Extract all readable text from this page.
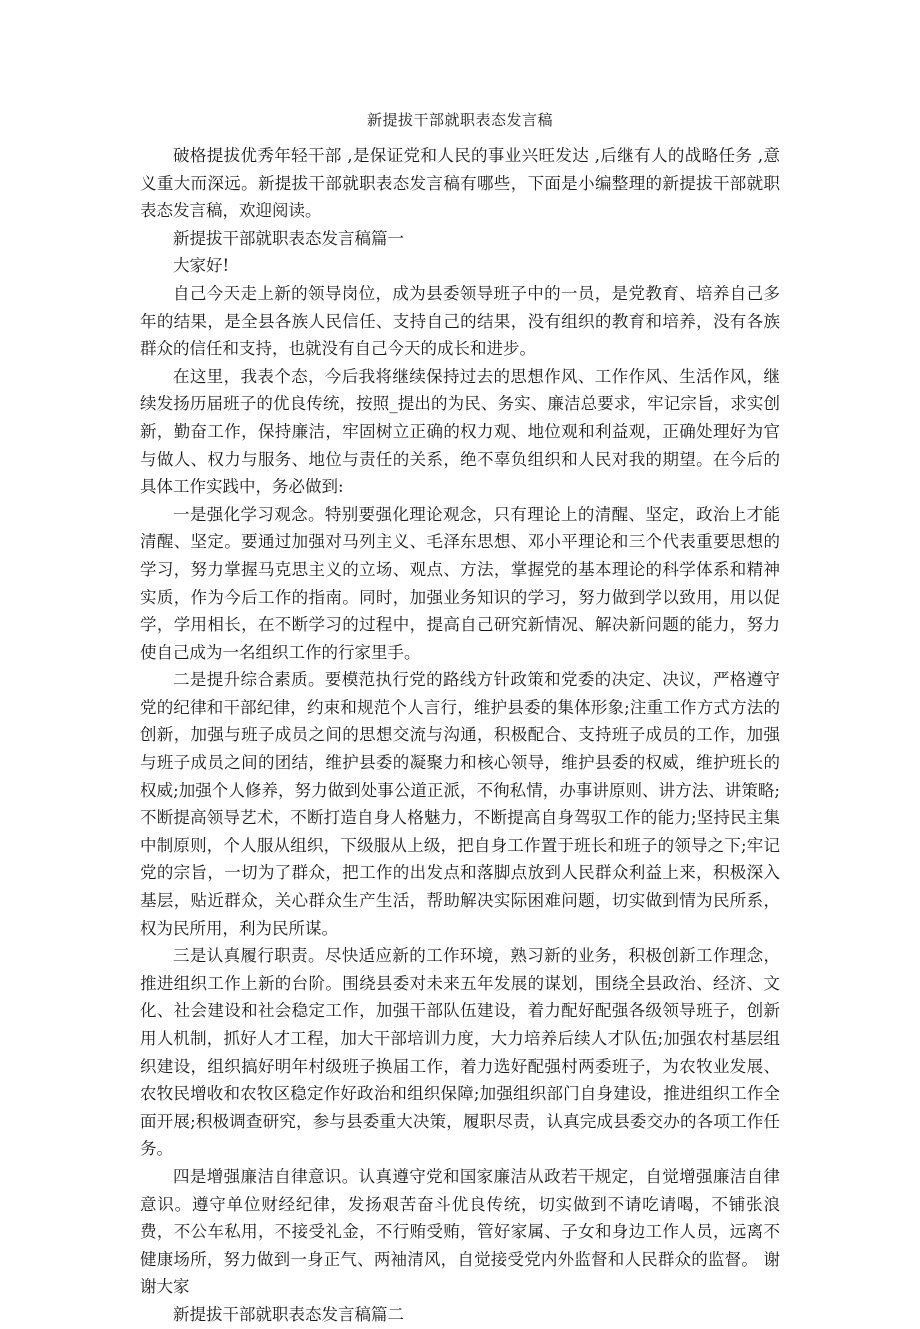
新提拔干部就职表态发言稿

破格提拔优秀年轻干部 ,是保证党和人民的事业兴旺发达 ,后继有人的战略任务 ,意义重大而深远。新提拔干部就职表态发言稿有哪些，下面是小编整理的新提拔干部就职表态发言稿，欢迎阅读。

新提拔干部就职表态发言稿篇一

大家好!

自己今天走上新的领导岗位，成为县委领导班子中的一员，是党教育、培养自己多年的结果，是全县各族人民信任、支持自己的结果，没有组织的教育和培养，没有各族群众的信任和支持，也就没有自己今天的成长和进步。

在这里，我表个态，今后我将继续保持过去的思想作风、工作作风、生活作风，继续发扬历届班子的优良传统，按照_提出的为民、务实、廉洁总要求，牢记宗旨，求实创新，勤奋工作，保持廉洁，牢固树立正确的权力观、地位观和利益观，正确处理好为官与做人、权力与服务、地位与责任的关系，绝不辜负组织和人民对我的期望。在今后的具体工作实践中，务必做到:

一是强化学习观念。特别要强化理论观念，只有理论上的清醒、坚定，政治上才能清醒、坚定。要通过加强对马列主义、毛泽东思想、邓小平理论和三个代表重要思想的学习，努力掌握马克思主义的立场、观点、方法，掌握党的基本理论的科学体系和精神实质，作为今后工作的指南。同时，加强业务知识的学习，努力做到学以致用，用以促学，学用相长，在不断学习的过程中，提高自己研究新情况、解决新问题的能力，努力使自己成为一名组织工作的行家里手。

二是提升综合素质。要模范执行党的路线方针政策和党委的决定、决议，严格遵守党的纪律和干部纪律，约束和规范个人言行，维护县委的集体形象;注重工作方式方法的创新，加强与班子成员之间的思想交流与沟通，积极配合、支持班子成员的工作，加强与班子成员之间的团结，维护县委的凝聚力和核心领导，维护县委的权威，维护班长的权威;加强个人修养，努力做到处事公道正派，不徇私情，办事讲原则、讲方法、讲策略;不断提高领导艺术，不断打造自身人格魅力，不断提高自身驾驭工作的能力;坚持民主集中制原则，个人服从组织，下级服从上级，把自身工作置于班长和班子的领导之下;牢记党的宗旨，一切为了群众，把工作的出发点和落脚点放到人民群众利益上来，积极深入基层，贴近群众，关心群众生产生活，帮助解决实际困难问题，切实做到情为民所系，权为民所用，利为民所谋。

三是认真履行职责。尽快适应新的工作环境，熟习新的业务，积极创新工作理念，推进组织工作上新的台阶。围绕县委对未来五年发展的谋划，围绕全县政治、经济、文化、社会建设和社会稳定工作，加强干部队伍建设，着力配好配强各级领导班子，创新用人机制，抓好人才工程，加大干部培训力度，大力培养后续人才队伍;加强农村基层组织建设，组织搞好明年村级班子换届工作，着力选好配强村两委班子，为农牧业发展、农牧民增收和农牧区稳定作好政治和组织保障;加强组织部门自身建设，推进组织工作全面开展;积极调查研究，参与县委重大决策，履职尽责，认真完成县委交办的各项工作任务。

四是增强廉洁自律意识。认真遵守党和国家廉洁从政若干规定，自觉增强廉洁自律意识。遵守单位财经纪律，发扬艰苦奋斗优良传统，切实做到不请吃请喝，不铺张浪费，不公车私用，不接受礼金，不行贿受贿，管好家属、子女和身边工作人员，远离不健康场所，努力做到一身正气、两袖清风，自觉接受党内外监督和人民群众的监督。 谢谢大家

新提拔干部就职表态发言稿篇二
